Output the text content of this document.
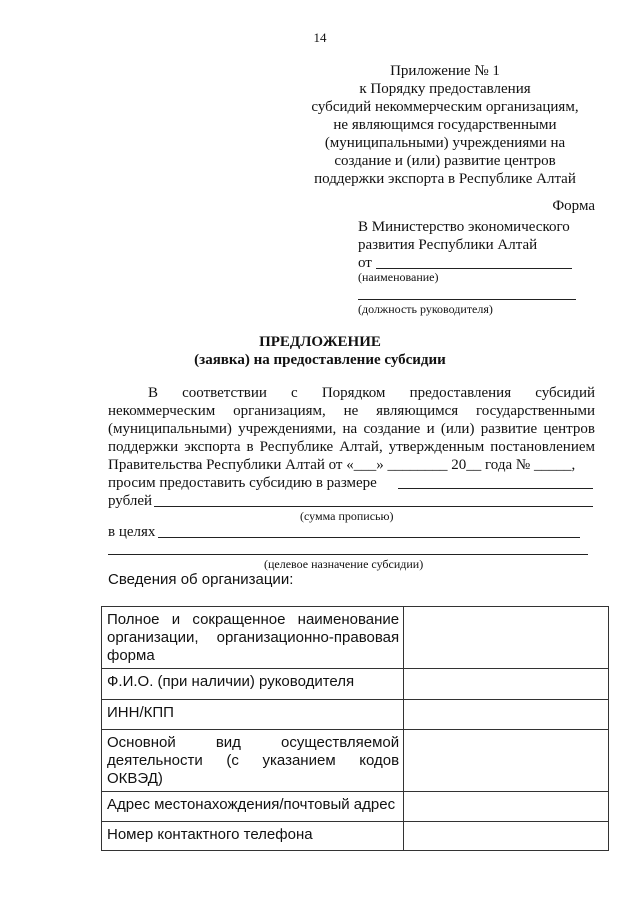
14
Приложение № 1
к Порядку предоставления
субсидий некоммерческим организациям,
не являющимся государственными
(муниципальными) учреждениями на
создание и (или) развитие центров
поддержки экспорта в Республике Алтай
Форма
В Министерство экономического
развития Республики Алтай
от
(наименование)
(должность руководителя)
ПРЕДЛОЖЕНИЕ
(заявка) на предоставление субсидии
В соответствии с Порядком предоставления субсидий некоммерческим организациям, не являющимся государственными (муниципальными) учреждениями, на создание и (или) развитие центров поддержки экспорта в Республике Алтай, утвержденным постановлением Правительства Республики Алтай от «___» ________ 20__ года № _____,
просим предоставить субсидию в размере
рублей
(сумма прописью)
в целях
(целевое назначение субсидии)
Сведения об организации:
Полное и сокращенное наименование организации, организационно-правовая форма	
Ф.И.О. (при наличии) руководителя	
ИНН/КПП	
Основной вид осуществляемой деятельности (с указанием кодов ОКВЭД)	
Адрес местонахождения/почтовый адрес	
Номер контактного телефона	
